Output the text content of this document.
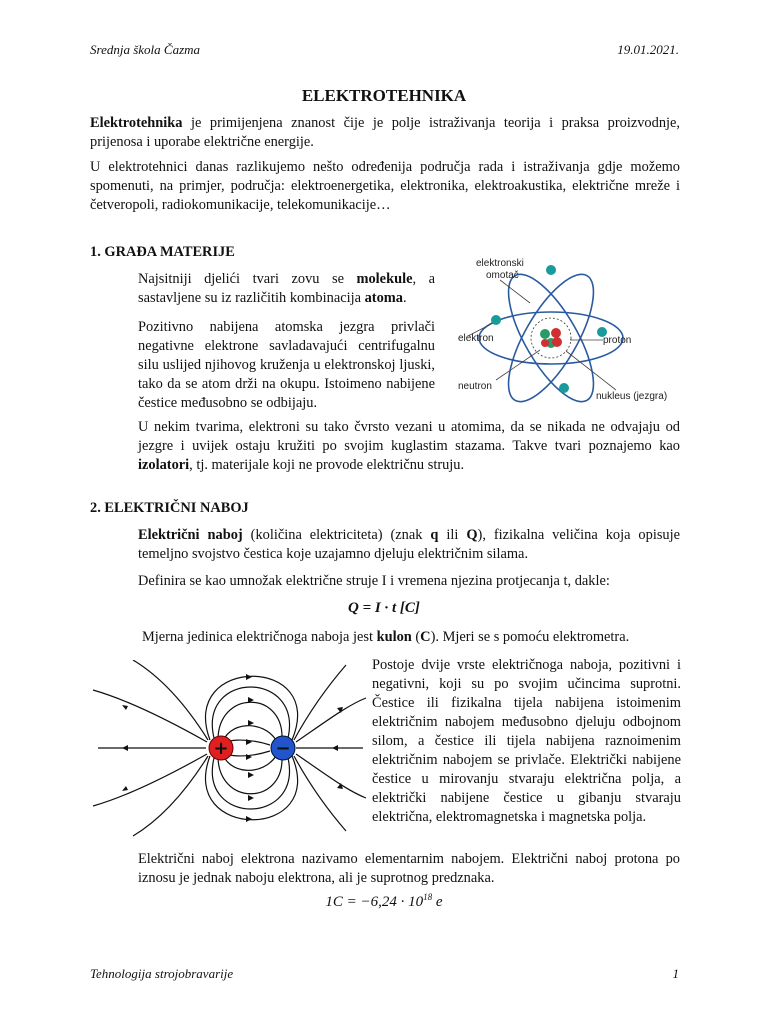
Srednja škola Čazma	19.01.2021.
ELEKTROTEHNIKA

Elektrotehnika je primijenjena znanost čije je polje istraživanja teorija i praksa proizvodnje, prijenosa i uporabe električne energije.

U elektrotehnici danas razlikujemo nešto određenija područja rada i istraživanja gdje možemo spomenuti, na primjer, područja: elektroenergetika, elektronika, elektroakustika, električne mreže i četveropoli, radiokomunikacije, telekomunikacije…

1. GRAĐA MATERIJE

Najsitniji djelići tvari zovu se molekule, a sastavljene su iz različitih kombinacija atoma.

Pozitivno nabijena atomska jezgra privlači negativne elektrone savladavajući centrifugalnu silu uslijed njihovog kruženja u elektronskoj ljuski, tako da se atom drži na okupu. Istoimeno nabijene čestice međusobno se odbijaju.

U nekim tvarima, elektroni su tako čvrsto vezani u atomima, da se nikada ne odvajaju od jezgre i uvijek ostaju kružiti po svojim kuglastim stazama. Takve tvari poznajemo kao izolatori, tj. materijale koji ne provode električnu struju.

elektronski
omotač
elektron	proton
neutron
nukleus (jezgra)
2. ELEKTRIČNI NABOJ

Električni naboj (količina elektriciteta) (znak q ili Q), fizikalna veličina koja opisuje temeljno svojstvo čestica koje uzajamno djeluju električnim silama.

Definira se kao umnožak električne struje I i vremena njezina protjecanja t, dakle:

Q = I · t [C]

Mjerna jedinica električnoga naboja jest kulon (C). Mjeri se s pomoću elektrometra.

+	−

Postoje dvije vrste električnoga naboja, pozitivni i negativni, koji su po svojim učincima suprotni. Čestice ili fizikalna tijela nabijena istoimenim električnim nabojem međusobno djeluju odbojnom silom, a čestice ili tijela nabijena raznoimenim električnim nabojem se privlače. Električki nabijene čestice u mirovanju stvaraju električna polja, a električki nabijene čestice u gibanju stvaraju električna, elektromagnetska i magnetska polja.

Električni naboj elektrona nazivamo elementarnim nabojem. Električni naboj protona po iznosu je jednak naboju elektrona, ali je suprotnog predznaka.

$1C = -6,24 \cdot 10^{18}$ e
Tehnologija strojobravarije	1
